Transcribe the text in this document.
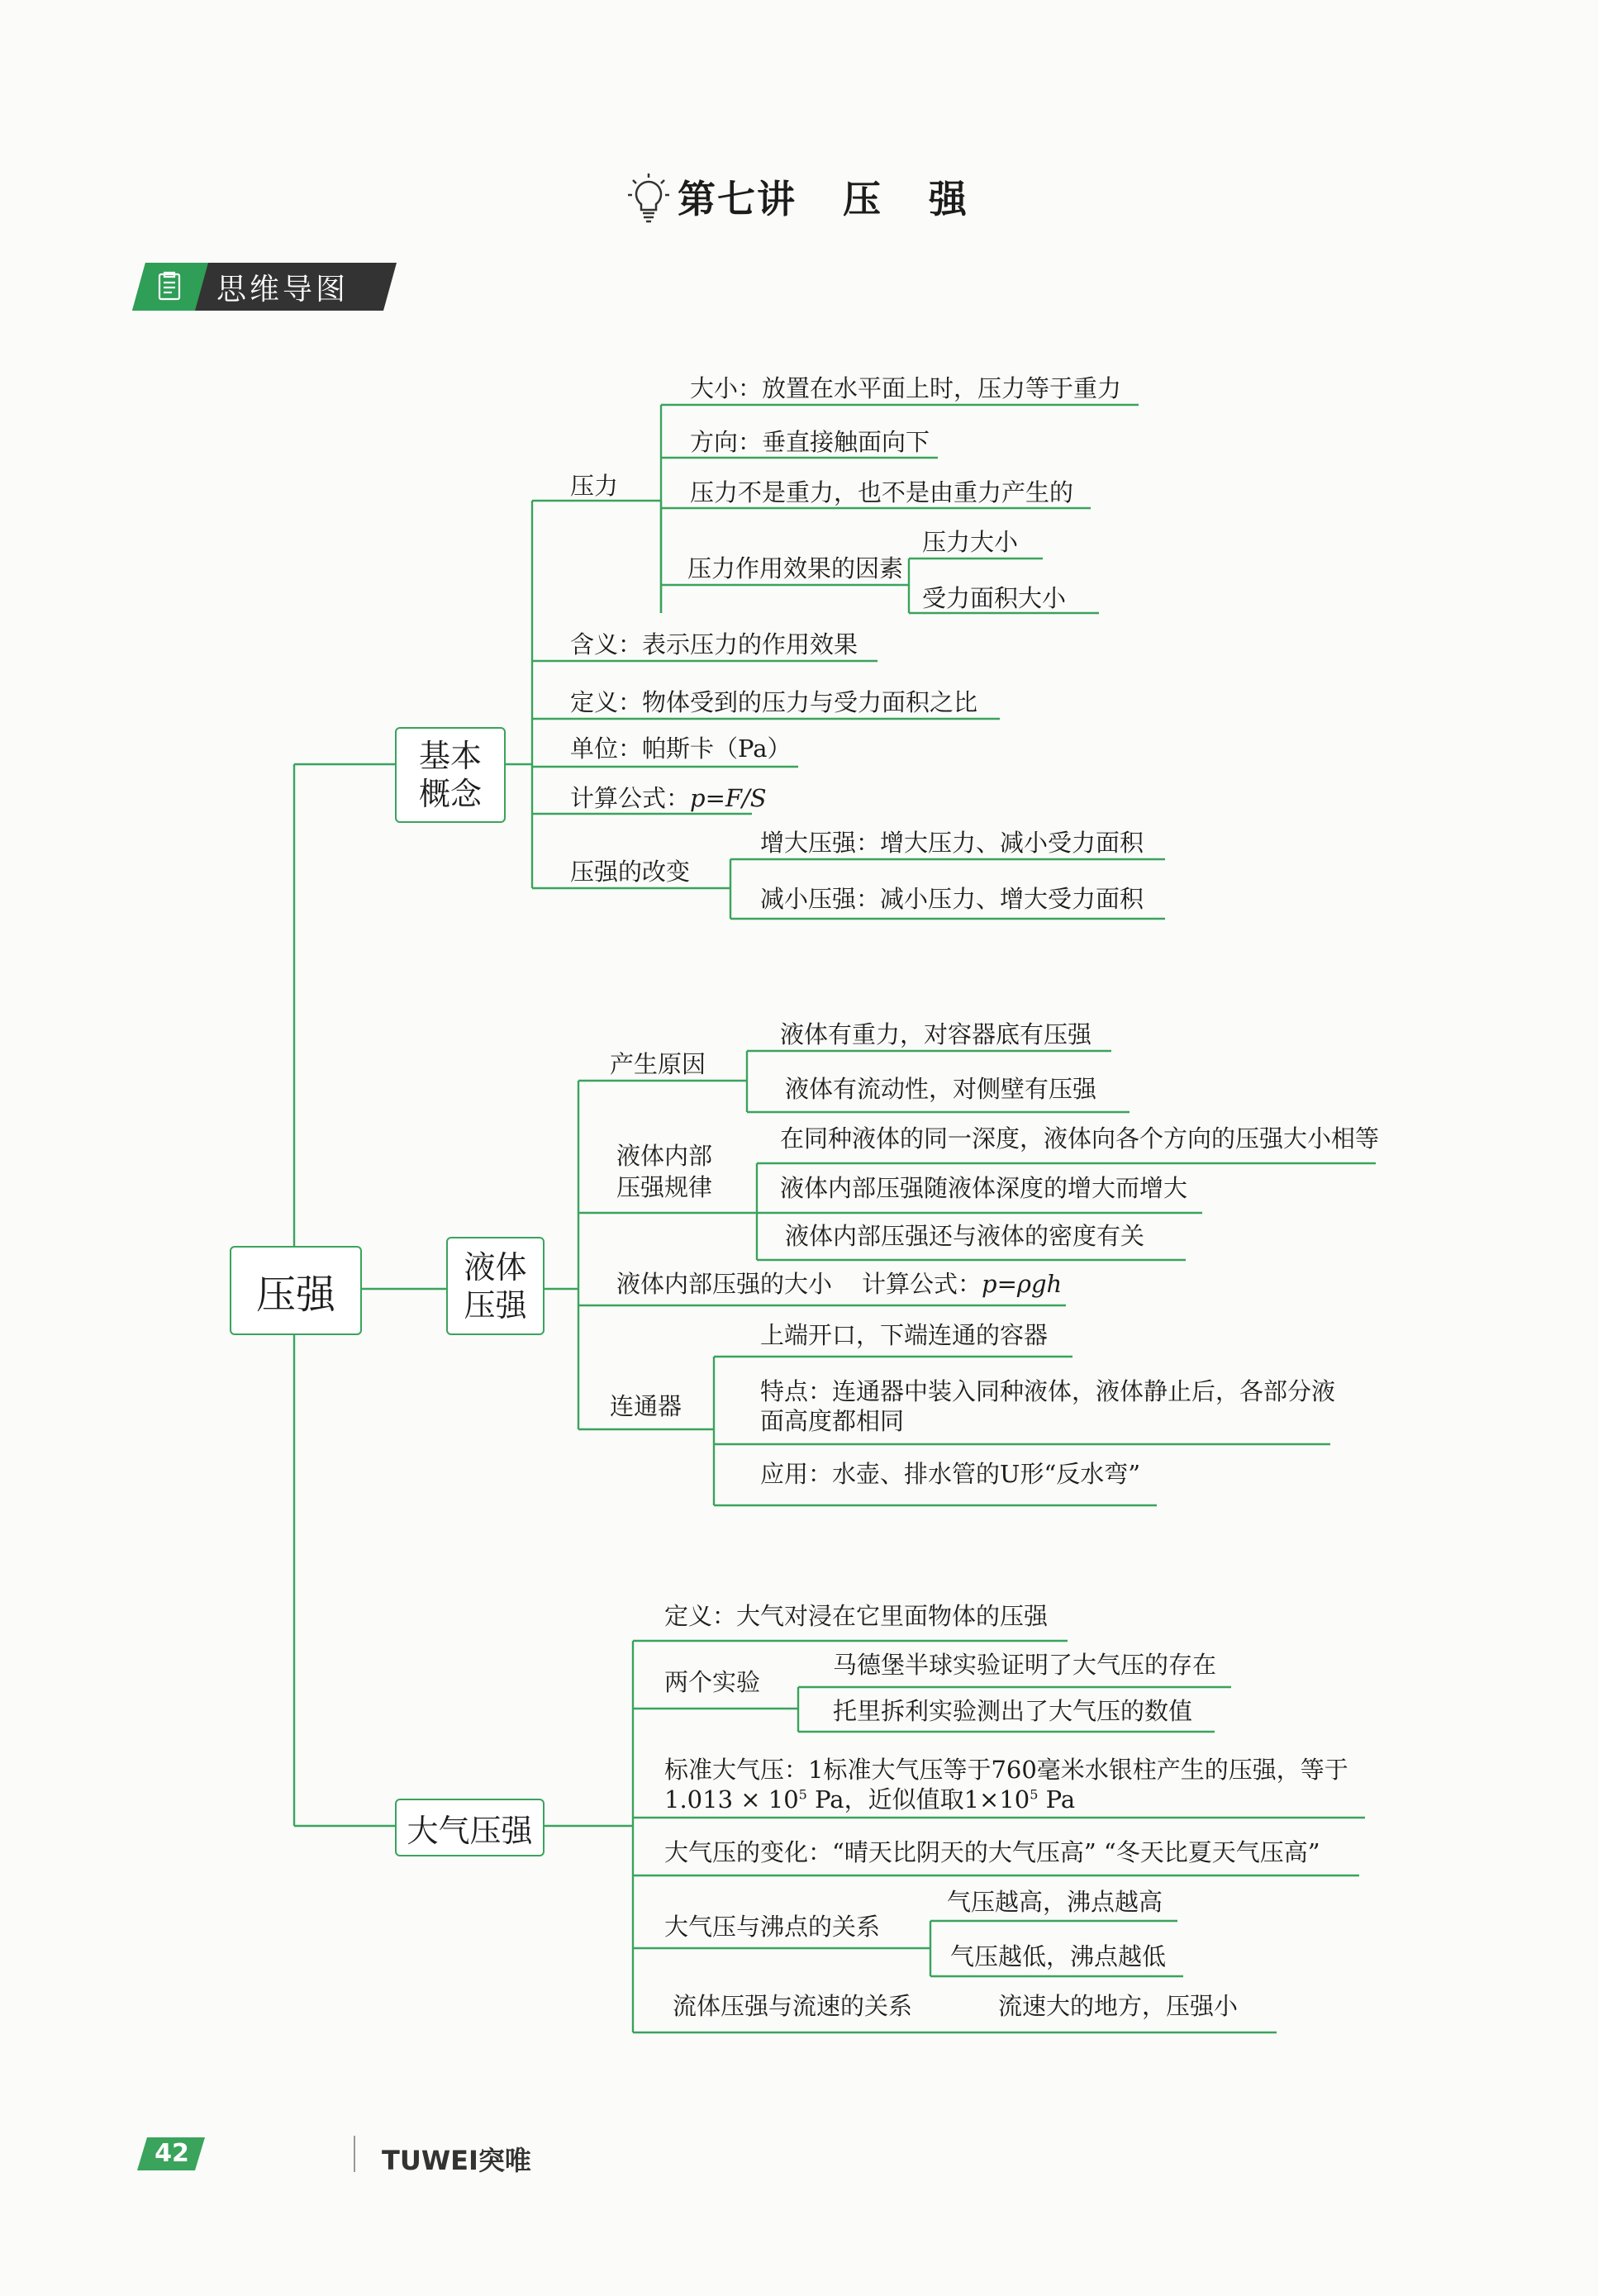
第七讲 压 强
思维导图
压强
基本
概念
液体
压强
大气压强
压力
大小：放置在水平面上时，压力等于重力
方向：垂直接触面向下
压力不是重力，也不是由重力产生的
压力作用效果的因素
压力大小
受力面积大小
含义：表示压力的作用效果
定义：物体受到的压力与受力面积之比
单位：帕斯卡（Pa）
计算公式：p=F/S
压强的改变
增大压强：增大压力、减小受力面积
减小压强：减小压力、增大受力面积
产生原因
液体有重力，对容器底有压强
液体有流动性，对侧壁有压强
液体内部
压强规律
在同种液体的同一深度，液体向各个方向的压强大小相等
液体内部压强随液体深度的增大而增大
液体内部压强还与液体的密度有关
液体内部压强的大小 计算公式：p=ρgh
连通器
上端开口，下端连通的容器
特点：连通器中装入同种液体，液体静止后，各部分液面高度都相同
应用：水壶、排水管的U形“反水弯”
定义：大气对浸在它里面物体的压强
两个实验
马德堡半球实验证明了大气压的存在
托里拆利实验测出了大气压的数值
标准大气压：1标准大气压等于760毫米水银柱产生的压强，等于
$1.013 \times 10^5$ Pa，近似值取$1\times 10^5$ Pa
大气压的变化：“晴天比阴天的大气压高” “冬天比夏天气压高”
大气压与沸点的关系
气压越高，沸点越高
气压越低，沸点越低
流体压强与流速的关系	流速大的地方，压强小
42	TUWEI突唯
